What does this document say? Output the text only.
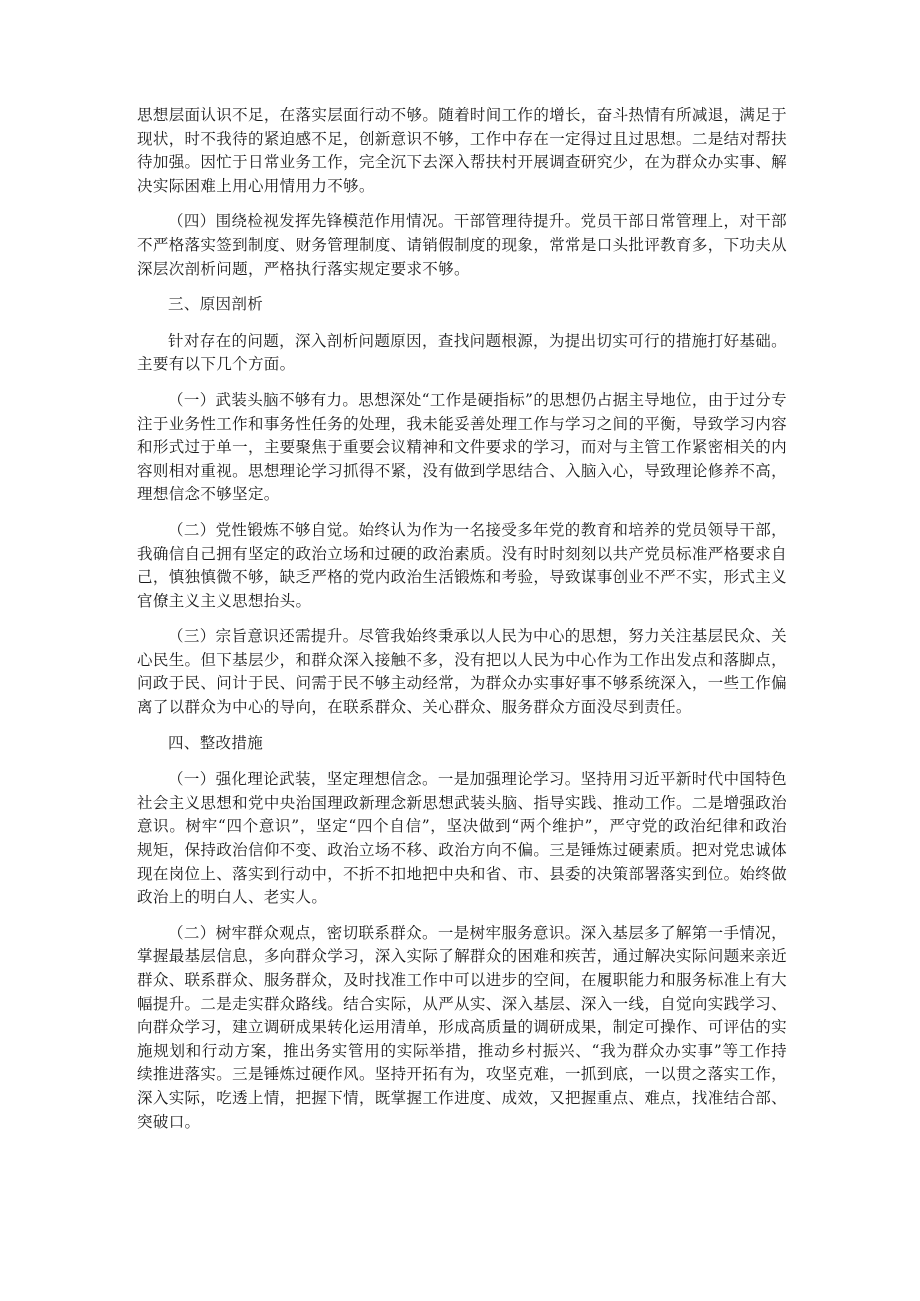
思想层面认识不足，在落实层面行动不够。随着时间工作的增长，奋斗热情有所减退，满足于现状，时不我待的紧迫感不足，创新意识不够，工作中存在一定得过且过思想。二是结对帮扶待加强。因忙于日常业务工作，完全沉下去深入帮扶村开展调查研究少，在为群众办实事、解决实际困难上用心用情用力不够。

（四）围绕检视发挥先锋模范作用情况。干部管理待提升。党员干部日常管理上，对干部不严格落实签到制度、财务管理制度、请销假制度的现象，常常是口头批评教育多，下功夫从深层次剖析问题，严格执行落实规定要求不够。

三、原因剖析

针对存在的问题，深入剖析问题原因，查找问题根源，为提出切实可行的措施打好基础。主要有以下几个方面。

（一）武装头脑不够有力。思想深处“工作是硬指标”的思想仍占据主导地位，由于过分专注于业务性工作和事务性任务的处理，我未能妥善处理工作与学习之间的平衡，导致学习内容和形式过于单一，主要聚焦于重要会议精神和文件要求的学习，而对与主管工作紧密相关的内容则相对重视。思想理论学习抓得不紧，没有做到学思结合、入脑入心，导致理论修养不高，理想信念不够坚定。

（二）党性锻炼不够自觉。始终认为作为一名接受多年党的教育和培养的党员领导干部，我确信自己拥有坚定的政治立场和过硬的政治素质。没有时时刻刻以共产党员标准严格要求自己，慎独慎微不够，缺乏严格的党内政治生活锻炼和考验，导致谋事创业不严不实，形式主义官僚主义主义思想抬头。

（三）宗旨意识还需提升。尽管我始终秉承以人民为中心的思想，努力关注基层民众、关心民生。但下基层少，和群众深入接触不多，没有把以人民为中心作为工作出发点和落脚点，问政于民、问计于民、问需于民不够主动经常，为群众办实事好事不够系统深入，一些工作偏离了以群众为中心的导向，在联系群众、关心群众、服务群众方面没尽到责任。

四、整改措施

（一）强化理论武装，坚定理想信念。一是加强理论学习。坚持用习近平新时代中国特色社会主义思想和党中央治国理政新理念新思想武装头脑、指导实践、推动工作。二是增强政治意识。树牢“四个意识”，坚定“四个自信”，坚决做到“两个维护”，严守党的政治纪律和政治规矩，保持政治信仰不变、政治立场不移、政治方向不偏。三是锤炼过硬素质。把对党忠诚体现在岗位上、落实到行动中，不折不扣地把中央和省、市、县委的决策部署落实到位。始终做政治上的明白人、老实人。

（二）树牢群众观点，密切联系群众。一是树牢服务意识。深入基层多了解第一手情况，掌握最基层信息，多向群众学习，深入实际了解群众的困难和疾苦，通过解决实际问题来亲近群众、联系群众、服务群众，及时找准工作中可以进步的空间，在履职能力和服务标准上有大幅提升。二是走实群众路线。结合实际，从严从实、深入基层、深入一线，自觉向实践学习、向群众学习，建立调研成果转化运用清单，形成高质量的调研成果，制定可操作、可评估的实施规划和行动方案，推出务实管用的实际举措，推动乡村振兴、“我为群众办实事”等工作持续推进落实。三是锤炼过硬作风。坚持开拓有为，攻坚克难，一抓到底，一以贯之落实工作，深入实际，吃透上情，把握下情，既掌握工作进度、成效，又把握重点、难点，找准结合部、突破口。
